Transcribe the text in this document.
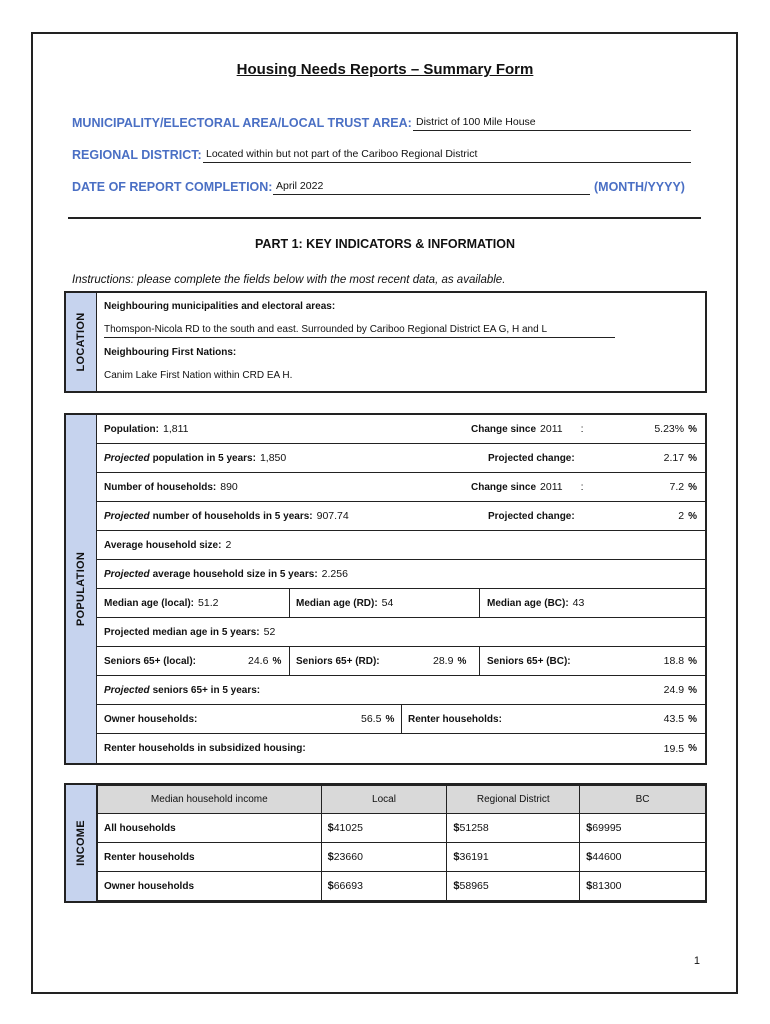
Housing Needs Reports – Summary Form
MUNICIPALITY/ELECTORAL AREA/LOCAL TRUST AREA: District of 100 Mile House
REGIONAL DISTRICT: Located within but not part of the Cariboo Regional District
DATE OF REPORT COMPLETION: April 2022	(MONTH/YYYY)
PART 1: KEY INDICATORS & INFORMATION
Instructions: please complete the fields below with the most recent data, as available.
LOCATION
Neighbouring municipalities and electoral areas:
Thomspon-Nicola RD to the south and east. Surrounded by Cariboo Regional District EA G, H and L
Neighbouring First Nations:
Canim Lake First Nation within CRD EA H.
POPULATION
Population: 1,811	Change since 2011 :	5.23% %
Projected population in 5 years: 1,850	Projected change:	2.17 %
Number of households: 890	Change since 2011 :	7.2 %
Projected number of households in 5 years: 907.74	Projected change:	2 %
Average household size: 2
Projected average household size in 5 years: 2.256
Median age (local): 51.2	Median age (RD): 54	Median age (BC): 43
Projected median age in 5 years: 52
Seniors 65+ (local):	24.6 % Seniors 65+ (RD):	28.9 % Seniors 65+ (BC):	18.8 %
Projected seniors 65+ in 5 years:	24.9 %
Owner households:	56.5 % Renter households:	43.5 %
Renter households in subsidized housing:	19.5 %
INCOME
Median household income	Local	Regional District	BC
All households	$41025	$51258	$69995
Renter households	$23660	$36191	$44600
Owner households	$66693	$58965	$81300
1
